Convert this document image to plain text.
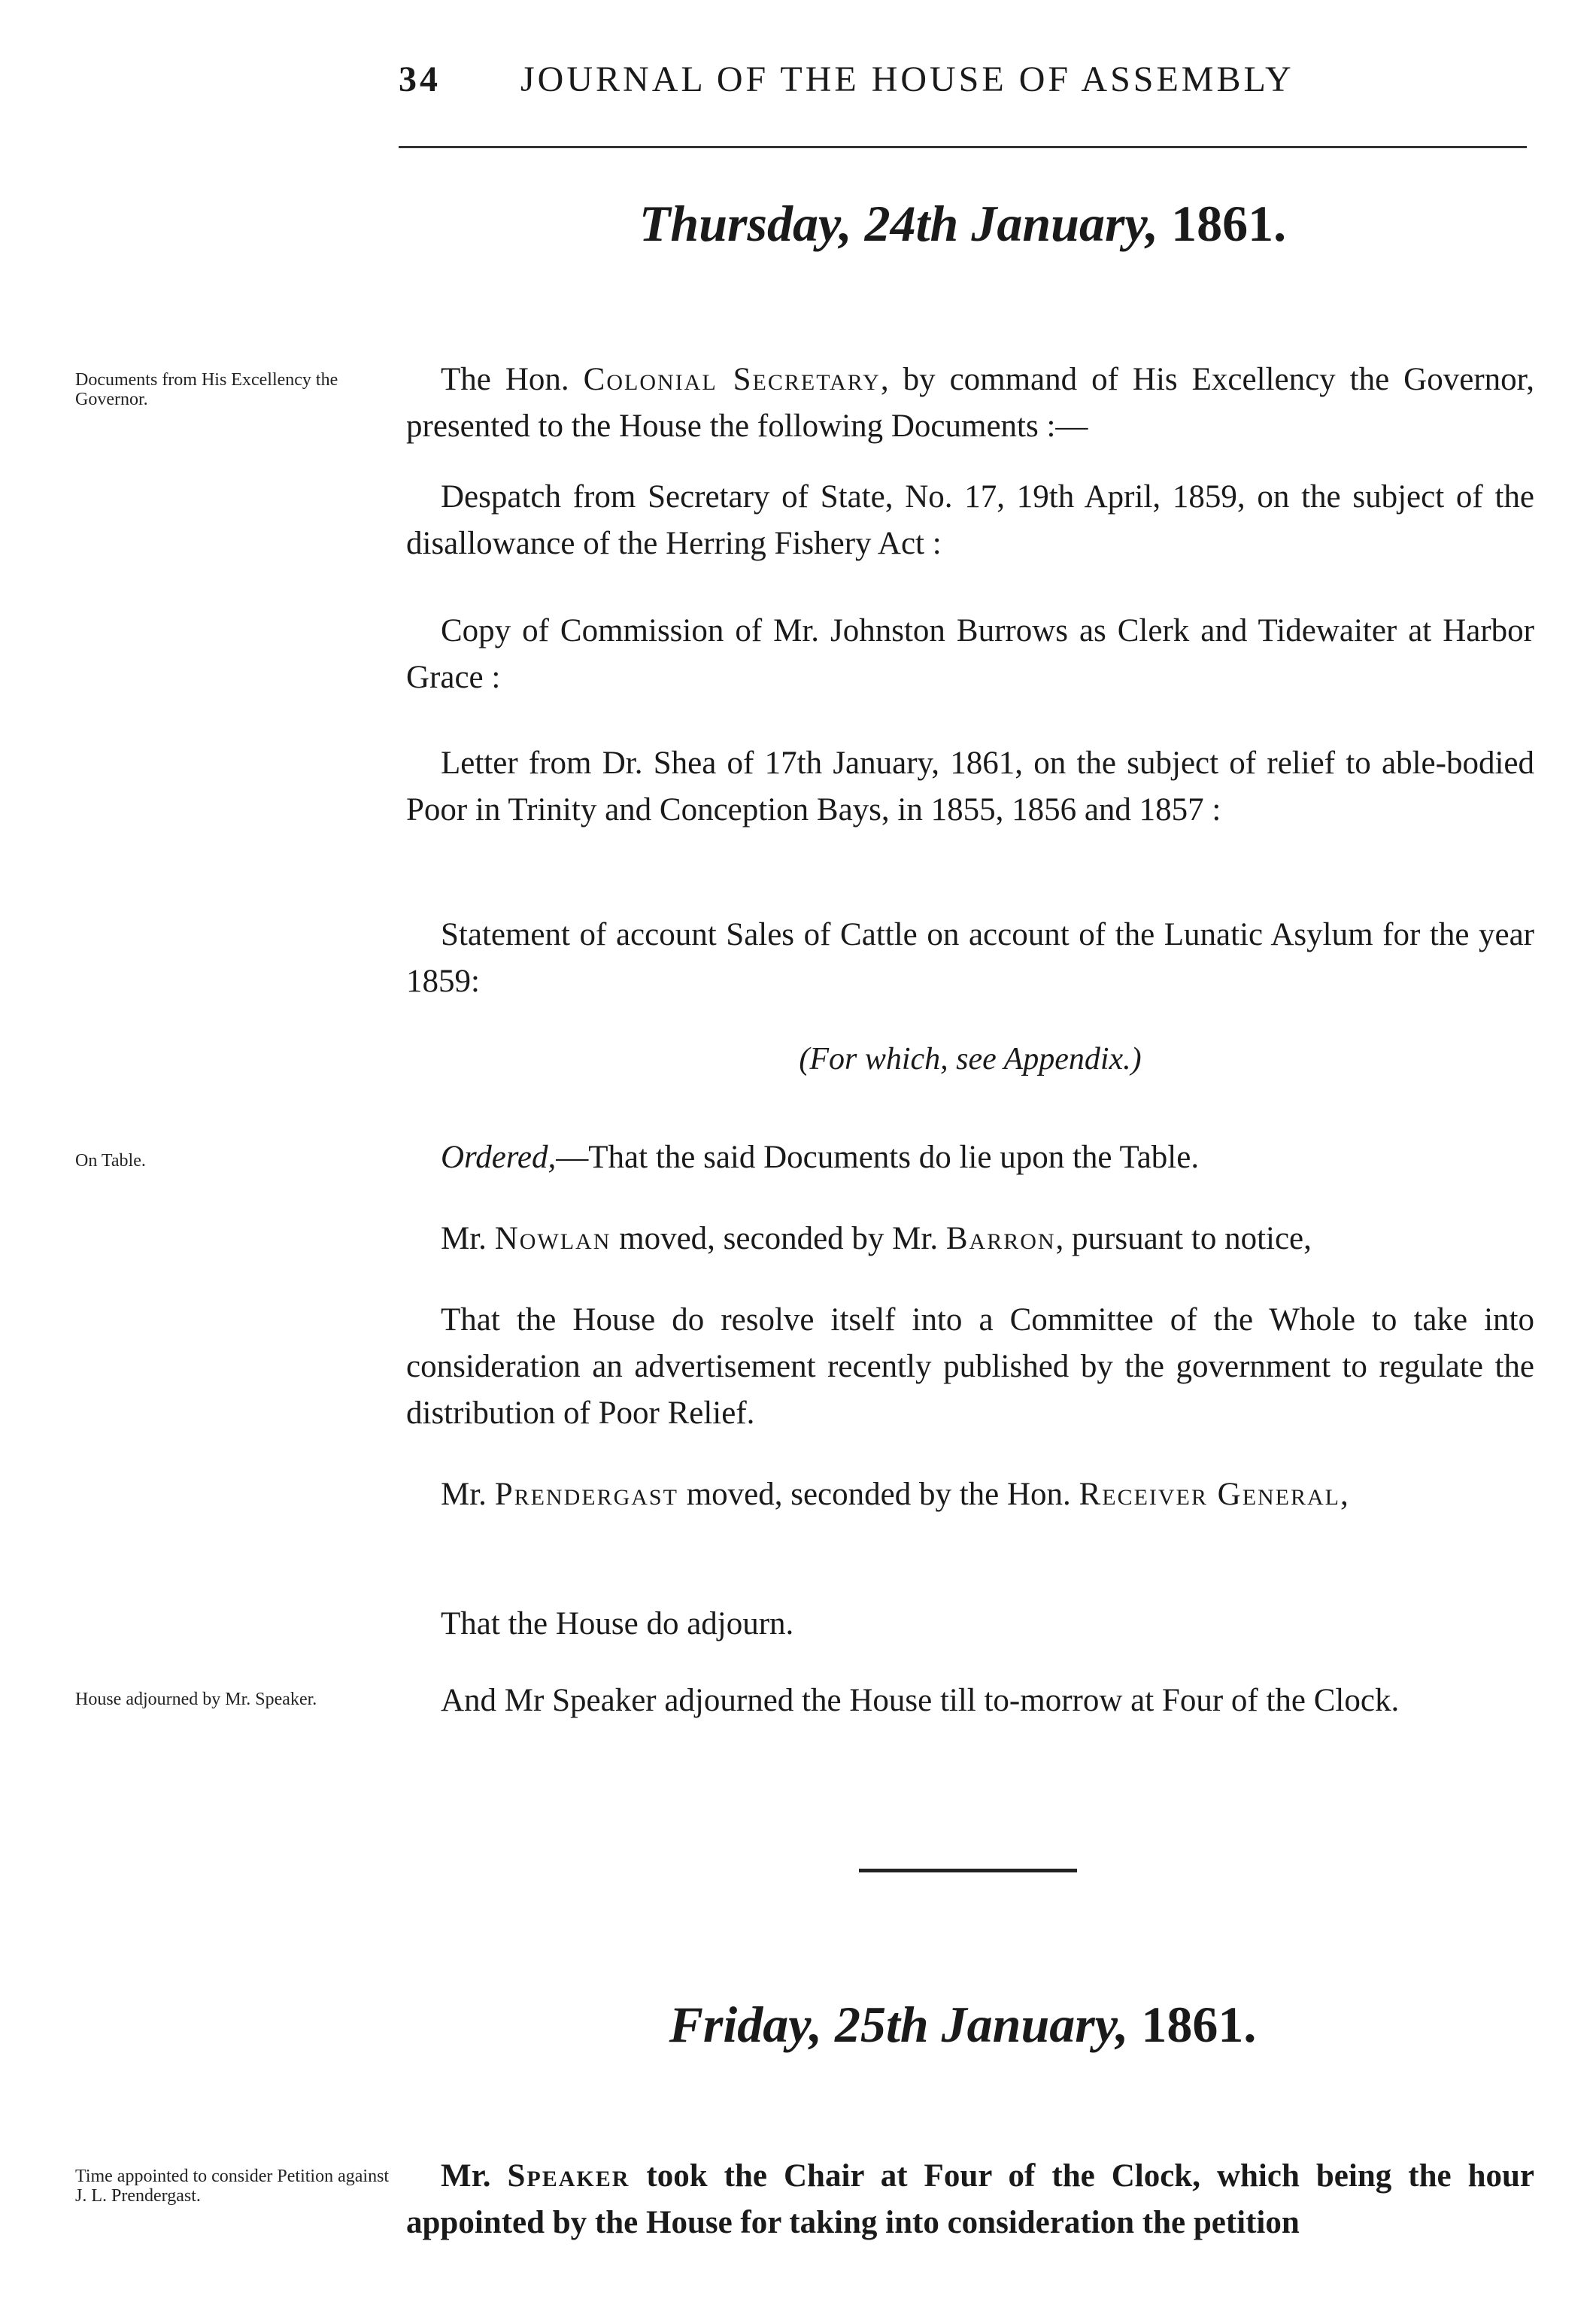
34 JOURNAL OF THE HOUSE OF ASSEMBLY
Thursday, 24th January, 1861.
Documents from His Excellency the Governor.
The Hon. Colonial Secretary, by command of His Excellency the Governor, presented to the House the following Documents :—
Despatch from Secretary of State, No. 17, 19th April, 1859, on the subject of the disallowance of the Herring Fishery Act :
Copy of Commission of Mr. Johnston Burrows as Clerk and Tidewaiter at Harbor Grace :
Letter from Dr. Shea of 17th January, 1861, on the subject of relief to able-bodied Poor in Trinity and Conception Bays, in 1855, 1856 and 1857 :
Statement of account Sales of Cattle on account of the Lunatic Asylum for the year 1859:
(For which, see Appendix.)
On Table.	Ordered,—That the said Documents do lie upon the Table.
Mr. Nowlan moved, seconded by Mr. Barron, pursuant to notice,
That the House do resolve itself into a Committee of the Whole to take into consideration an advertisement recently published by the government to regulate the distribution of Poor Relief.
Mr. Prendergast moved, seconded by the Hon. Receiver General,
That the House do adjourn.
House adjourned by Mr. Speaker.	And Mr Speaker adjourned the House till to-morrow at Four of the Clock.
Friday, 25th January, 1861.
Time appointed to consider Petition against J. L. Prendergast.
Mr. Speaker took the Chair at Four of the Clock, which being the hour appointed by the House for taking into consideration the petition
